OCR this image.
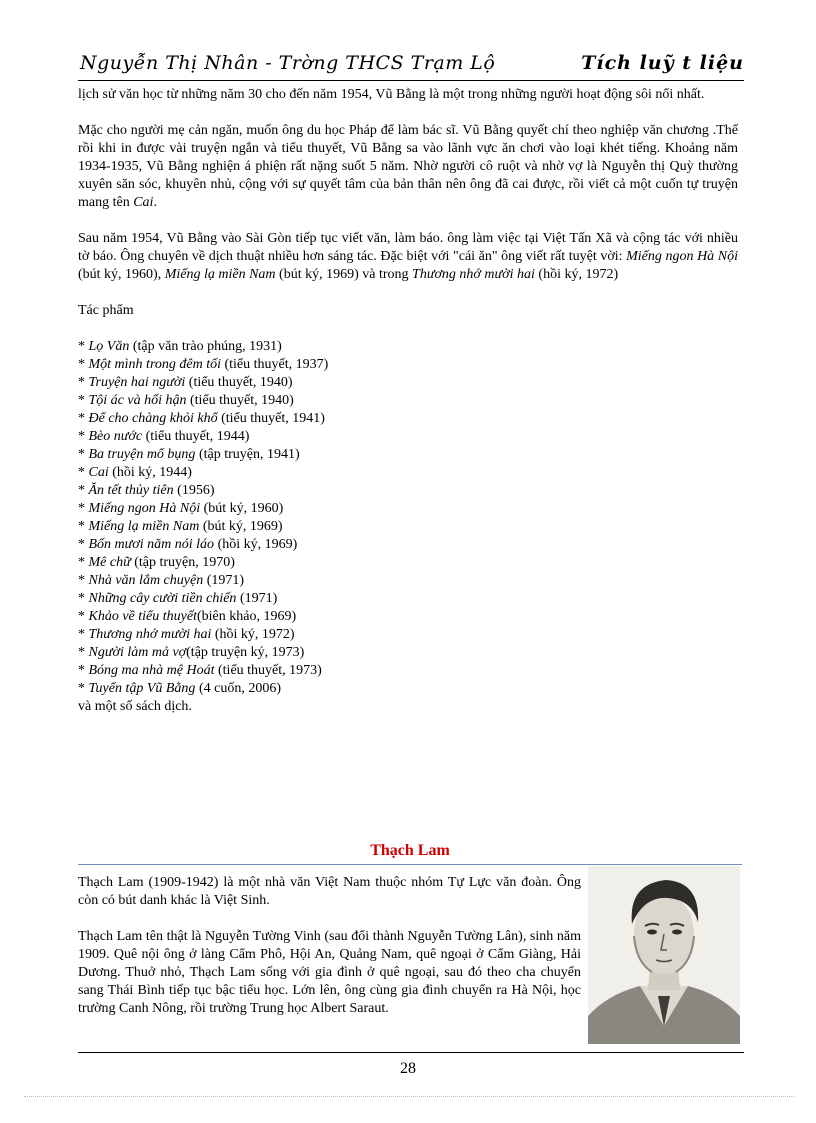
Nguyễn Thị Nhân - Trờng THCS Trạm Lộ	Tích luỹ t liệu

lịch sử văn học từ những năm 30 cho đến năm 1954, Vũ Bằng là một trong những người hoạt động sôi nổi nhất.

Mặc cho người mẹ cản ngăn, muốn ông du học Pháp để làm bác sĩ. Vũ Bằng quyết chí theo nghiệp văn chương .Thế rồi khi in được vài truyện ngắn và tiểu thuyết, Vũ Bằng sa vào lãnh vực ăn chơi vào loại khét tiếng. Khoảng năm 1934-1935, Vũ Bằng nghiện á phiện rất nặng suốt 5 năm. Nhờ người cô ruột và nhờ vợ là Nguyễn thị Quỳ thường xuyên săn sóc, khuyên nhủ, cộng với sự quyết tâm của bản thân nên ông đã cai được, rồi viết cả một cuốn tự truyện mang tên Cai.

Sau năm 1954, Vũ Bằng vào Sài Gòn tiếp tục viết văn, làm báo. ông làm việc tại Việt Tấn Xã và cộng tác với nhiều tờ báo. Ông chuyên về dịch thuật nhiều hơn sáng tác. Đặc biệt với "cái ăn" ông viết rất tuyệt vời: Miếng ngon Hà Nội (bút ký, 1960), Miếng lạ miền Nam (bút ký, 1969) và trong Thương nhớ mười hai (hồi ký, 1972)

Tác phẩm

* Lọ Văn (tập văn trào phúng, 1931)
* Một mình trong đêm tối (tiểu thuyết, 1937)
* Truyện hai người (tiểu thuyết, 1940)
* Tội ác và hối hận (tiểu thuyết, 1940)
* Để cho chàng khỏi khổ (tiểu thuyết, 1941)
* Bèo nước (tiểu thuyết, 1944)
* Ba truyện mổ bụng (tập truyện, 1941)
* Cai (hồi ký, 1944)
* Ăn tết thủy tiên (1956)
* Miếng ngon Hà Nội (bút ký, 1960)
* Miếng lạ miền Nam (bút ký, 1969)
* Bốn mươi năm nói láo (hồi ký, 1969)
* Mê chữ (tập truyện, 1970)
* Nhà văn lắm chuyện (1971)
* Những cây cười tiền chiến (1971)
* Khảo về tiểu thuyết(biên khảo, 1969)
* Thương nhớ mười hai (hồi ký, 1972)
* Người làm mả vợ(tập truyện ký, 1973)
* Bóng ma nhà mệ Hoát (tiểu thuyết, 1973)
* Tuyển tập Vũ Bằng (4 cuốn, 2006)
và một số sách dịch.
Thạch Lam

Thạch Lam (1909-1942) là một nhà văn Việt Nam thuộc nhóm Tự Lực văn đoàn. Ông còn có bút danh khác là Việt Sinh.

Thạch Lam tên thật là Nguyễn Tường Vinh (sau đổi thành Nguyễn Tường Lân), sinh năm 1909. Quê nội ông ở làng Cẩm Phô, Hội An, Quảng Nam, quê ngoại ở Cẩm Giàng, Hải Dương. Thuở nhỏ, Thạch Lam sống với gia đình ở quê ngoại, sau đó theo cha chuyển sang Thái Bình tiếp tục bậc tiểu học. Lớn lên, ông cùng gia đình chuyển ra Hà Nội, học trường Canh Nông, rồi trường Trung học Albert Saraut.

28
